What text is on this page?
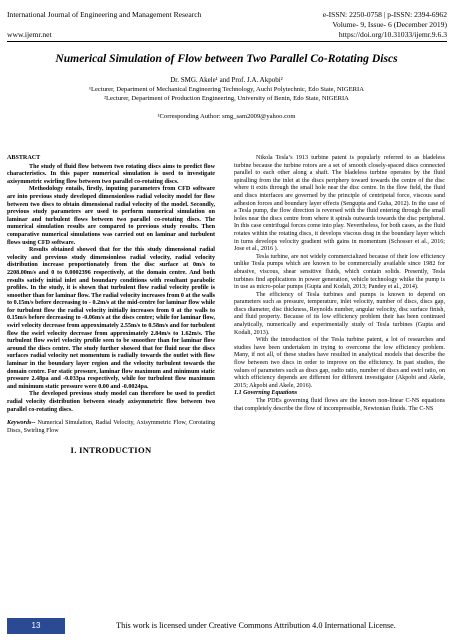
International Journal of Engineering and Management Research
www.ijemr.net
e-ISSN: 2250-0758 | p-ISSN: 2394-6962
Volume- 9, Issue- 6 (December 2019)
https://doi.org/10.31033/ijemr.9.6.3
Numerical Simulation of Flow between Two Parallel Co-Rotating Discs
Dr. SMG. Akele¹ and Prof. J.A. Akpobi²
¹Lecturer, Department of Mechanical Engineering Technology, Auchi Polytechnic, Edo State, NIGERIA
²Lecturer, Department of Production Engineering, University of Benin, Edo State, NIGERIA
¹Corresponding Author: smg_sam2009@yahoo.com

ABSTRACT

The study of fluid flow between two rotating discs aims to predict flow characteristics. In this paper numerical simulation is used to investigate axisymmetric swirling flow between two parallel co-rotating discs.

Methodology entails, firstly, inputing parameters from CFD software are into previous study developed dimensionless radial velocity model for flow between two discs to obtain dimensional radial velocity of the model. Secondly, previous study parameters are used to perform numerical simulation on laminar and turbulent flows between two parallel co-rotating discs. The numerical simulation results are compared to previous study results. Then comparative numerical simulations was carried out on laminar and turbulent flows using CFD software.

Results obtained showed that for the this study dimensional radial velocity and previous study dimensionless radial velocity, radial velocity distribution increase proportionately from the disc surface at 0m/s to 2208.00m/s and 0 to 0.0002396 respectively, at the domain centre. And both results satisfy initial inlet and boundary conditions with resultant parabolic profiles. In the study, it is shown that turbulent flow radial velocity profile is smoother than for laminar flow. The radial velocity increases from 0 at the walls to 0.15m/s before decreasing to - 0.2m/s at the mid-centre for laminar flow while for turbulent flow the radial velocity initially increases from 0 at the walls to 0.15m/s before decreasing to -0.06m/s at the discs centre; while for laminar flow, swirl velocity decrease from approximately 2.55m/s to 0.58m/s and for turbulent flow the swirl velocity decrease from approximately 2.84m/s to 1.62m/s. The turbulent flow swirl velocity profile seen to be smoother than for laminar flow around the discs centre. The study further showed that for fluid near the discs surfaces radial velocity net momentum is radially towards the outlet with flow laminar in the boundary layer region and the velocity turbulent towards the domain centre. For static pressure, laminar flow maximum and minimum static pressure 2.48pa and -0.033pa respectively, while for turbulent flow maximum and minimum static pressure were 0.00 and -0.0024pa.

The developed previous study model can therefore be used to predict radial velocity distribution between steady axisymmetric flow between two parallel co-rotating discs.

Keywords-- Numerical Simulation, Radial Velocity, Axisymmetric Flow, Corotating Discs, Swirling Flow

I. INTRODUCTION

Nikola Tesla’s 1913 turbine patent is popularly referred to as bladeless turbine because the turbine rotors are a set of smooth closely-spaced discs connected parallel to each other along a shaft. The bladeless turbine operates by the fluid spiralling from the inlet at the discs periphery toward towards the centre of the disc where it exits through the small hole near the disc centre. In the flow field, the fluid and discs interfaces are governed by the principle of centripetal force, viscous sand adhesion forces and boundary layer effects (Sengupta and Guha, 2012). In the case of a Tesla pump, the flow direction is reversed with the fluid entering through the small holes near the discs centre from where it spirals outwards towards the disc peripheral. In this case centrifugal forces come into play. Nevertheless, for both cases, as the fluid rotates within the rotating discs, it develops viscous drag in the boundary layer which in turns develops velocity gradient with gains in momentum (Schosser et al., 2016; Jose et al., 2016 ).

Tesla turbine, are not widely commercialized because of their low efficiency unlike Tesla pumps which are known to be commercially available since 1982 for abrasive, viscous, shear sensitive fluids, which contain solids. Presently, Tesla turbines find applications in power generation, vehicle technology whike the pump is in use as micro-polar pumps (Gupta and Kodali, 2013; Pandey et al., 2014).

The efficiency of Tesla turbines and pumps is known to depend on parameters such as pressure, temperature, inlet velocity, number of discs, discs gap, discs diameter, disc thickness, Reynolds number, angular velocity, disc surface finish, and fluid property. Because of its low efficiency problem their has been continued analytically, numerically and experimentally study of Tesla turbines (Gupta and Kodali, 2013).

With the introduction of the Tesla turbine patent, a lot of researches and studies have been undertaken in trying to overcome the low efficiency problem. Many, if not all, of these studies have resulted in analytical models that describe the flow between two discs in order to improve on the efficiency. In past studies, the values of parameters such as discs gap, radio ratio, number of discs and swirl ratio, on which efficiency depends are different for different investigator (Akpobi and Akele, 2015; Akpobi and Akele, 2016).

1.1 Governing Equations

The PDEs governing fluid flows are the known non-linear C-NS equations that completely describe the flow of incompressible, Newtonian fluids. The C-NS

13	This work is licensed under Creative Commons Attribution 4.0 International License.
